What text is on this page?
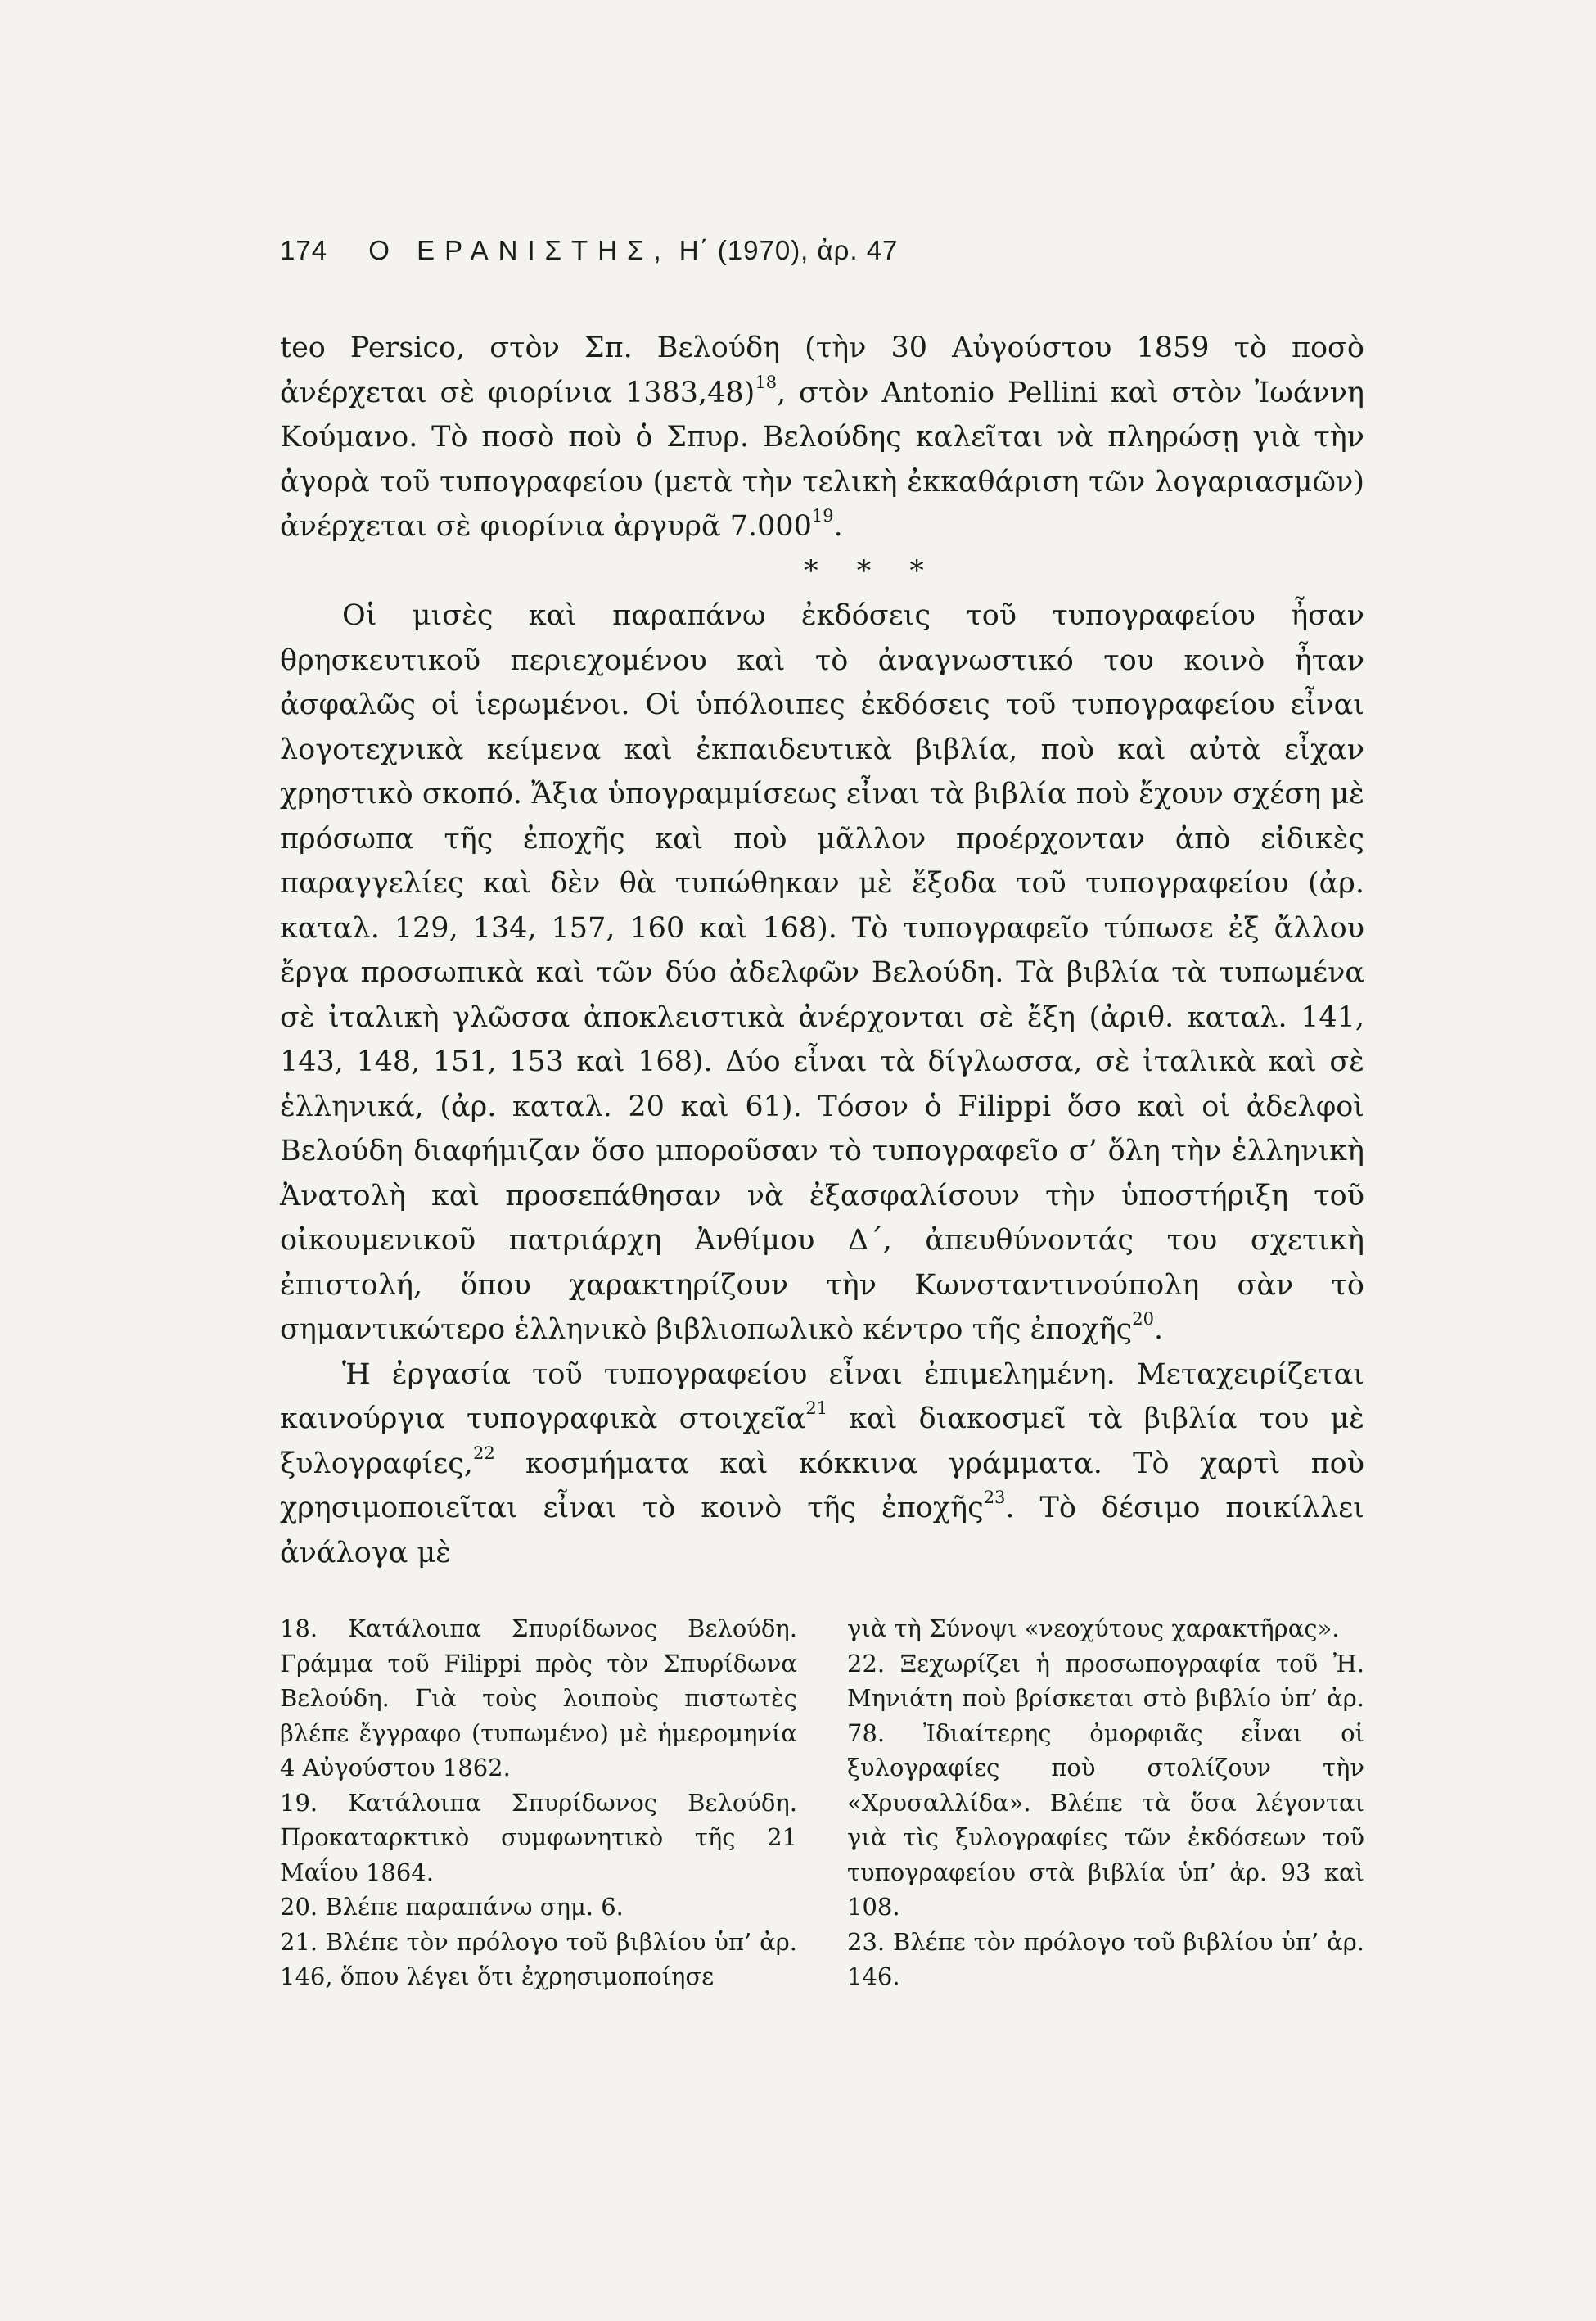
174 Ο ΕΡΑΝΙΣΤΗΣ, Η΄ (1970), ἀρ. 47

teo Persico, στὸν Σπ. Βελούδη (τὴν 30 Αὐγούστου 1859 τὸ ποσὸ ἀνέρχεται σὲ φιορίνια 1383,48)$^{18}$, στὸν Antonio Pellini καὶ στὸν Ἰωάννη Κούμανο. Τὸ ποσὸ ποὺ ὁ Σπυρ. Βελούδης καλεῖται νὰ πληρώσῃ γιὰ τὴν ἀγορὰ τοῦ τυπογραφείου (μετὰ τὴν τελικὴ ἐκκαθάριση τῶν λογαριασμῶν) ἀνέρχεται σὲ φιορίνια ἀργυρᾶ 7.000$^{19}$.

* * *

Οἱ μισὲς καὶ παραπάνω ἐκδόσεις τοῦ τυπογραφείου ἦσαν θρησκευτικοῦ περιεχομένου καὶ τὸ ἀναγνωστικό του κοινὸ ἦταν ἀσφαλῶς οἱ ἱερωμένοι. Οἱ ὑπόλοιπες ἐκδόσεις τοῦ τυπογραφείου εἶναι λογοτεχνικὰ κείμενα καὶ ἐκπαιδευτικὰ βιβλία, ποὺ καὶ αὐτὰ εἶχαν χρηστικὸ σκοπό. Ἄξια ὑπογραμμίσεως εἶναι τὰ βιβλία ποὺ ἔχουν σχέση μὲ πρόσωπα τῆς ἐποχῆς καὶ ποὺ μᾶλλον προέρχονταν ἀπὸ εἰδικὲς παραγγελίες καὶ δὲν θὰ τυπώθηκαν μὲ ἔξοδα τοῦ τυπογραφείου (ἀρ. καταλ. 129, 134, 157, 160 καὶ 168). Τὸ τυπογραφεῖο τύπωσε ἐξ ἄλλου ἔργα προσωπικὰ καὶ τῶν δύο ἀδελφῶν Βελούδη. Τὰ βιβλία τὰ τυπωμένα σὲ ἰταλικὴ γλῶσσα ἀποκλειστικὰ ἀνέρχονται σὲ ἔξη (ἀριθ. καταλ. 141, 143, 148, 151, 153 καὶ 168). Δύο εἶναι τὰ δίγλωσσα, σὲ ἰταλικὰ καὶ σὲ ἑλληνικά, (ἀρ. καταλ. 20 καὶ 61). Τόσον ὁ Filippi ὅσο καὶ οἱ ἀδελφοὶ Βελούδη διαφήμιζαν ὅσο μποροῦσαν τὸ τυπογραφεῖο σ’ ὅλη τὴν ἑλληνικὴ Ἀνατολὴ καὶ προσεπάθησαν νὰ ἐξασφαλίσουν τὴν ὑποστήριξη τοῦ οἰκουμενικοῦ πατριάρχη Ἀνθίμου Δ΄, ἀπευθύνοντάς του σχετικὴ ἐπιστολή, ὅπου χαρακτηρίζουν τὴν Κωνσταντινούπολη σὰν τὸ σημαντικώτερο ἑλληνικὸ βιβλιοπωλικὸ κέντρο τῆς ἐποχῆς$^{20}$.

Ἡ ἐργασία τοῦ τυπογραφείου εἶναι ἐπιμελημένη. Μεταχειρίζεται καινούργια τυπογραφικὰ στοιχεῖα$^{21}$ καὶ διακοσμεῖ τὰ βιβλία του μὲ ξυλογραφίες,$^{22}$ κοσμήματα καὶ κόκκινα γράμματα. Τὸ χαρτὶ ποὺ χρησιμοποιεῖται εἶναι τὸ κοινὸ τῆς ἐποχῆς$^{23}$. Τὸ δέσιμο ποικίλλει ἀνάλογα μὲ

18. Κατάλοιπα Σπυρίδωνος Βελούδη. Γράμμα τοῦ Filippi πρὸς τὸν Σπυρίδωνα Βελούδη. Γιὰ τοὺς λοιποὺς πιστωτὲς βλέπε ἔγγραφο (τυπωμένο) μὲ ἡμερομηνία 4 Αὐγούστου 1862.

19. Κατάλοιπα Σπυρίδωνος Βελούδη. Προκαταρκτικὸ συμφωνητικὸ τῆς 21 Μαΐου 1864.

20. Βλέπε παραπάνω σημ. 6.

21. Βλέπε τὸν πρόλογο τοῦ βιβλίου ὑπ’ ἀρ. 146, ὅπου λέγει ὅτι ἐχρησιμοποίησε

γιὰ τὴ Σύνοψι «νεοχύτους χαρακτῆρας».

22. Ξεχωρίζει ἡ προσωπογραφία τοῦ Ἠ. Μηνιάτη ποὺ βρίσκεται στὸ βιβλίο ὑπ’ ἀρ. 78. Ἰδιαίτερης ὀμορφιᾶς εἶναι οἱ ξυλογραφίες ποὺ στολίζουν τὴν «Χρυσαλλίδα». Βλέπε τὰ ὅσα λέγονται γιὰ τὶς ξυλογραφίες τῶν ἐκδόσεων τοῦ τυπογραφείου στὰ βιβλία ὑπ’ ἀρ. 93 καὶ 108.

23. Βλέπε τὸν πρόλογο τοῦ βιβλίου ὑπ’ ἀρ. 146.
